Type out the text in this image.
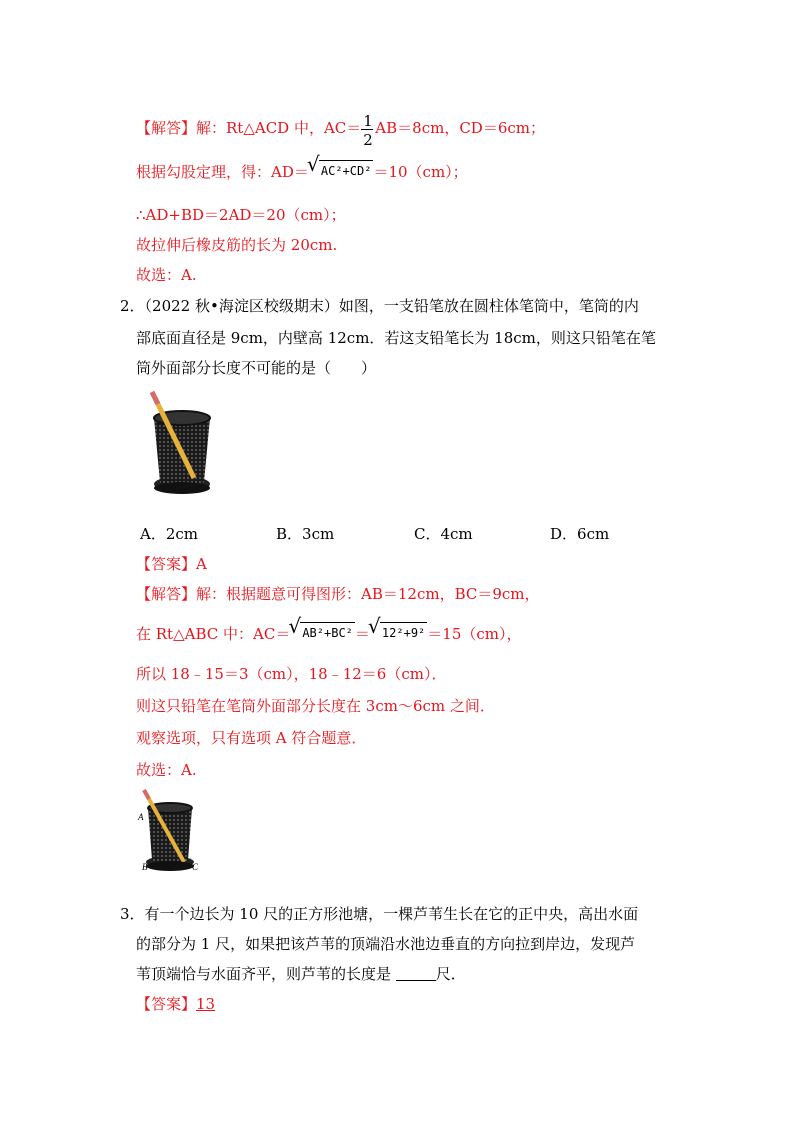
【解答】解：Rt△ACD 中，AC＝
$\frac{1}{2}$
AB＝8cm，CD＝6cm；
根据勾股定理，得：AD＝ √ AC²+CD² ＝10（cm）；
∴AD+BD＝2AD＝20（cm）；
故拉伸后橡皮筋的长为 20cm.
故选：A.
2．（2022 秋•海淀区校级期末）如图，一支铅笔放在圆柱体笔筒中，笔筒的内
部底面直径是 9cm，内壁高 12cm．若这支铅笔长为 18cm，则这只铅笔在笔
筒外面部分长度不可能的是（　　）
A．2cm	B．3cm	C．4cm	D．6cm
【答案】A
【解答】解：根据题意可得图形：AB＝12cm，BC＝9cm，
在 Rt△ABC 中：AC＝ √ AB²+BC² ＝ √ 12²+9² ＝15（cm），
所以 18﹣15＝3（cm），18﹣12＝6（cm）．
则这只铅笔在笔筒外面部分长度在 3cm～6cm 之间．
观察选项，只有选项 A 符合题意．
故选：A.
A
B	C
3．有一个边长为 10 尺的正方形池塘，一棵芦苇生长在它的正中央，高出水面
的部分为 1 尺，如果把该芦苇的顶端沿水池边垂直的方向拉到岸边，发现芦
苇顶端恰与水面齐平，则芦苇的长度是	尺．
【答案】13
